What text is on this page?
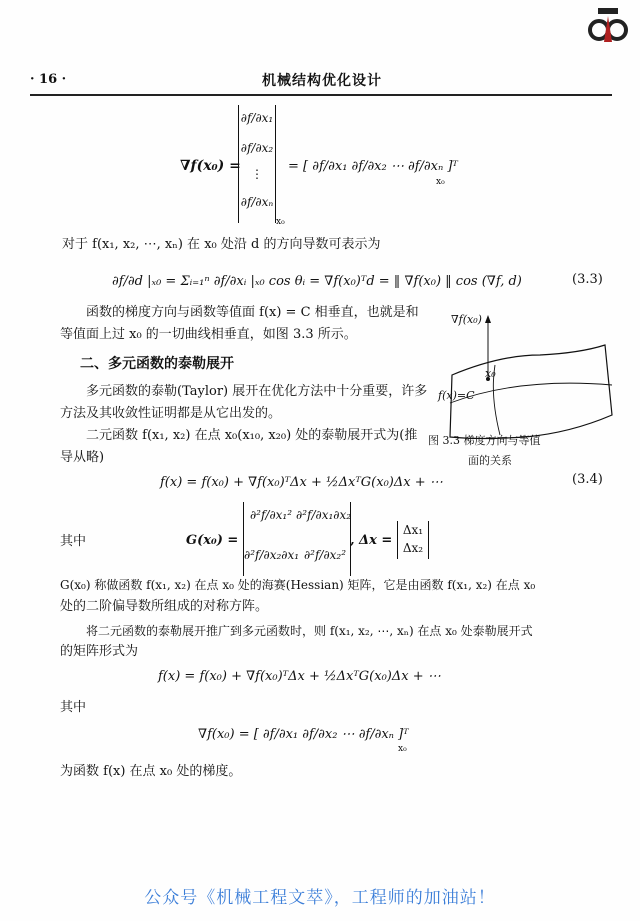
· 16 ·	机械结构优化设计
∇f(x₀) =
∂f/∂x₁
∂f/∂x₂
⋮
∂f/∂xₙ
x₀
= [ ∂f/∂x₁ ∂f/∂x₂ ⋯ ∂f/∂xₙ ]ᵀ
x₀
对于 f(x₁, x₂, ⋯, xₙ) 在 x₀ 处沿 d 的方向导数可表示为
∂f/∂d |ₓ₀ = Σᵢ₌₁ⁿ ∂f/∂xᵢ |ₓ₀ cos θᵢ = ∇f(x₀)ᵀd = ‖ ∇f(x₀) ‖ cos (∇f, d)	(3.3)
函数的梯度方向与函数等值面 f(x) = C 相垂直，也就是和
等值面上过 x₀ 的一切曲线相垂直，如图 3.3 所示。
∇f(x₀)
x₀
f(x)=C
图 3.3 梯度方向与等值
面的关系
二、多元函数的泰勒展开
多元函数的泰勒(Taylor) 展开在优化方法中十分重要，许多
方法及其收敛性证明都是从它出发的。
二元函数 f(x₁, x₂) 在点 x₀(x₁₀, x₂₀) 处的泰勒展开式为(推
导从略)
f(x) = f(x₀) + ∇f(x₀)ᵀΔx + ½ΔxᵀG(x₀)Δx + ⋯	(3.4)
其中	G(x₀) =
∂²f/∂x₁² ∂²f/∂x₁∂x₂
∂²f/∂x₂∂x₁ ∂²f/∂x₂²
, Δx =
Δx₁
Δx₂
G(x₀) 称做函数 f(x₁, x₂) 在点 x₀ 处的海赛(Hessian) 矩阵，它是由函数 f(x₁, x₂) 在点 x₀
处的二阶偏导数所组成的对称方阵。
将二元函数的泰勒展开推广到多元函数时，则 f(x₁, x₂, ⋯, xₙ) 在点 x₀ 处泰勒展开式
的矩阵形式为
f(x) = f(x₀) + ∇f(x₀)ᵀΔx + ½ΔxᵀG(x₀)Δx + ⋯
其中
∇f(x₀) = [ ∂f/∂x₁ ∂f/∂x₂ ⋯ ∂f/∂xₙ ]ᵀ
x₀
为函数 f(x) 在点 x₀ 处的梯度。
公众号《机械工程文萃》，工程师的加油站！
